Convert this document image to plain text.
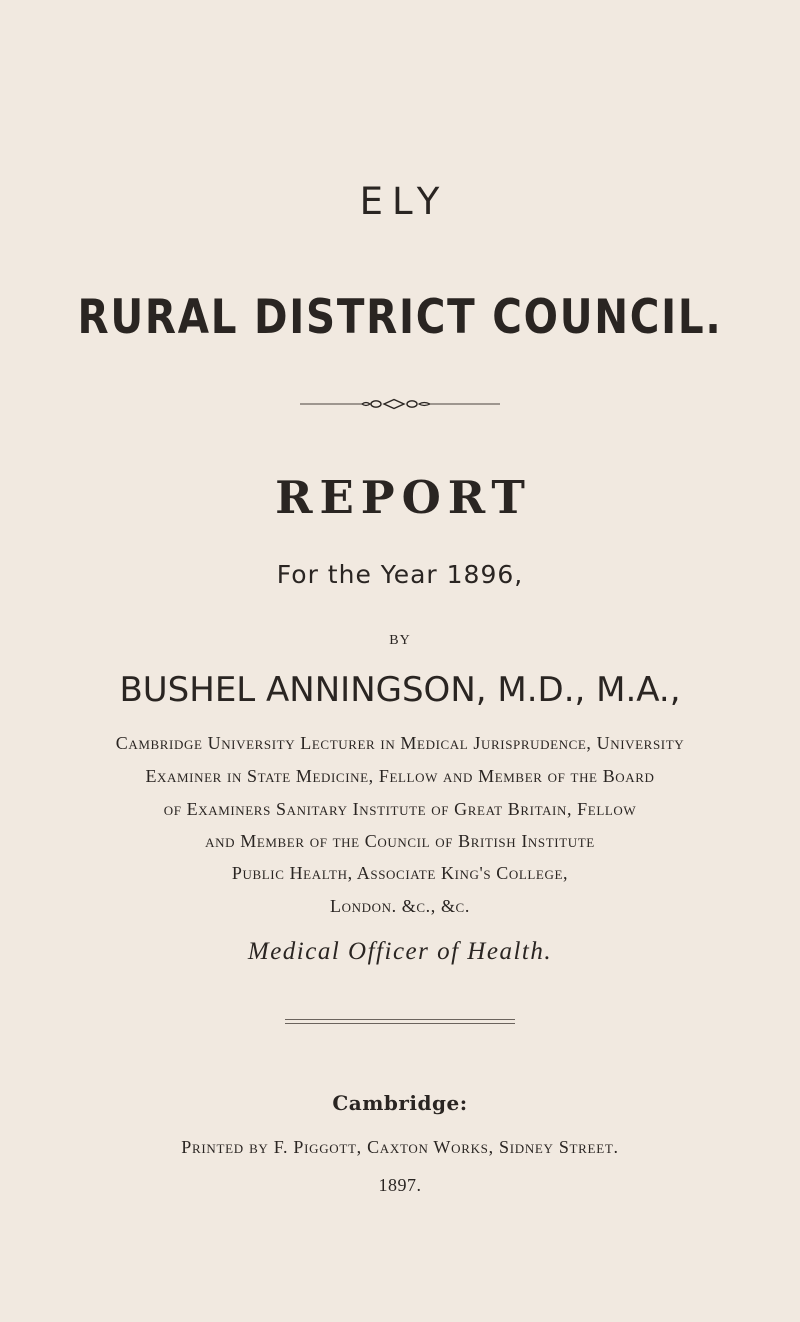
ELY
RURAL DISTRICT COUNCIL.
REPORT
For the Year 1896,
BY
BUSHEL ANNINGSON, M.D., M.A.,
Cambridge University Lecturer in Medical Jurisprudence, University
Examiner in State Medicine, Fellow and Member of the Board
of Examiners Sanitary Institute of Great Britain, Fellow
and Member of the Council of British Institute
Public Health, Associate King's College,
London. &c., &c.
Medical Officer of Health.
Cambridge:
Printed by F. Piggott, Caxton Works, Sidney Street.
1897.
